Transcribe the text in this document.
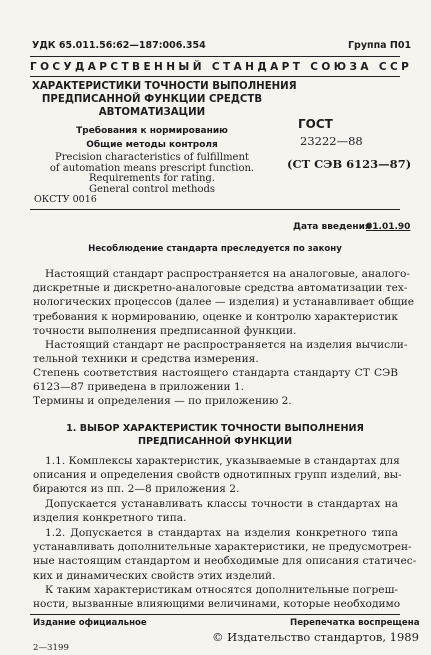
УДК 65.011.56:62—187:006.354	Группа П01
ГОСУДАРСТВЕННЫЙ СТАНДАРТ СОЮЗА ССР
ХАРАКТЕРИСТИКИ ТОЧНОСТИ ВЫПОЛНЕНИЯ
ПРЕДПИСАННОЙ ФУНКЦИИ СРЕДСТВ
АВТОМАТИЗАЦИИ
Требования к нормированию
Общие методы контроля
Precision characteristics of fulfillment
of automation means prescript function.
Requirements for rating.
General control methods
ОКСТУ 0016
ГОСТ
23222—88
(СТ СЭВ 6123—87)
Дата введения
01.01.90
Несоблюдение стандарта преследуется по закону
Настоящий стандарт распространяется на аналоговые, аналого-
дискретные и дискретно-аналоговые средства автоматизации тех-
нологических процессов (далее — изделия) и устанавливает общие
требования к нормированию, оценке и контролю характеристик
точности выполнения предписанной функции.
Настоящий стандарт не распространяется на изделия вычисли-
тельной техники и средства измерения.
Степень соответствия настоящего стандарта стандарту СТ СЭВ
6123—87 приведена в приложении 1.
Термины и определения — по приложению 2.
1. ВЫБОР ХАРАКТЕРИСТИК ТОЧНОСТИ ВЫПОЛНЕНИЯ
ПРЕДПИСАННОЙ ФУНКЦИИ
1.1. Комплексы характеристик, указываемые в стандартах для
описания и определения свойств однотипных групп изделий, вы-
бираются из пп. 2—8 приложения 2.
Допускается устанавливать классы точности в стандартах на
изделия конкретного типа.
1.2. Допускается в стандартах на изделия конкретного типа
устанавливать дополнительные характеристики, не предусмотрен-
ные настоящим стандартом и необходимые для описания статичес-
ких и динамических свойств этих изделий.
К таким характеристикам относятся дополнительные погреш-
ности, вызванные влияющими величинами, которые необходимо
Издание официальное	Перепечатка воспрещена
© Издательство стандартов, 1989
2—3199
